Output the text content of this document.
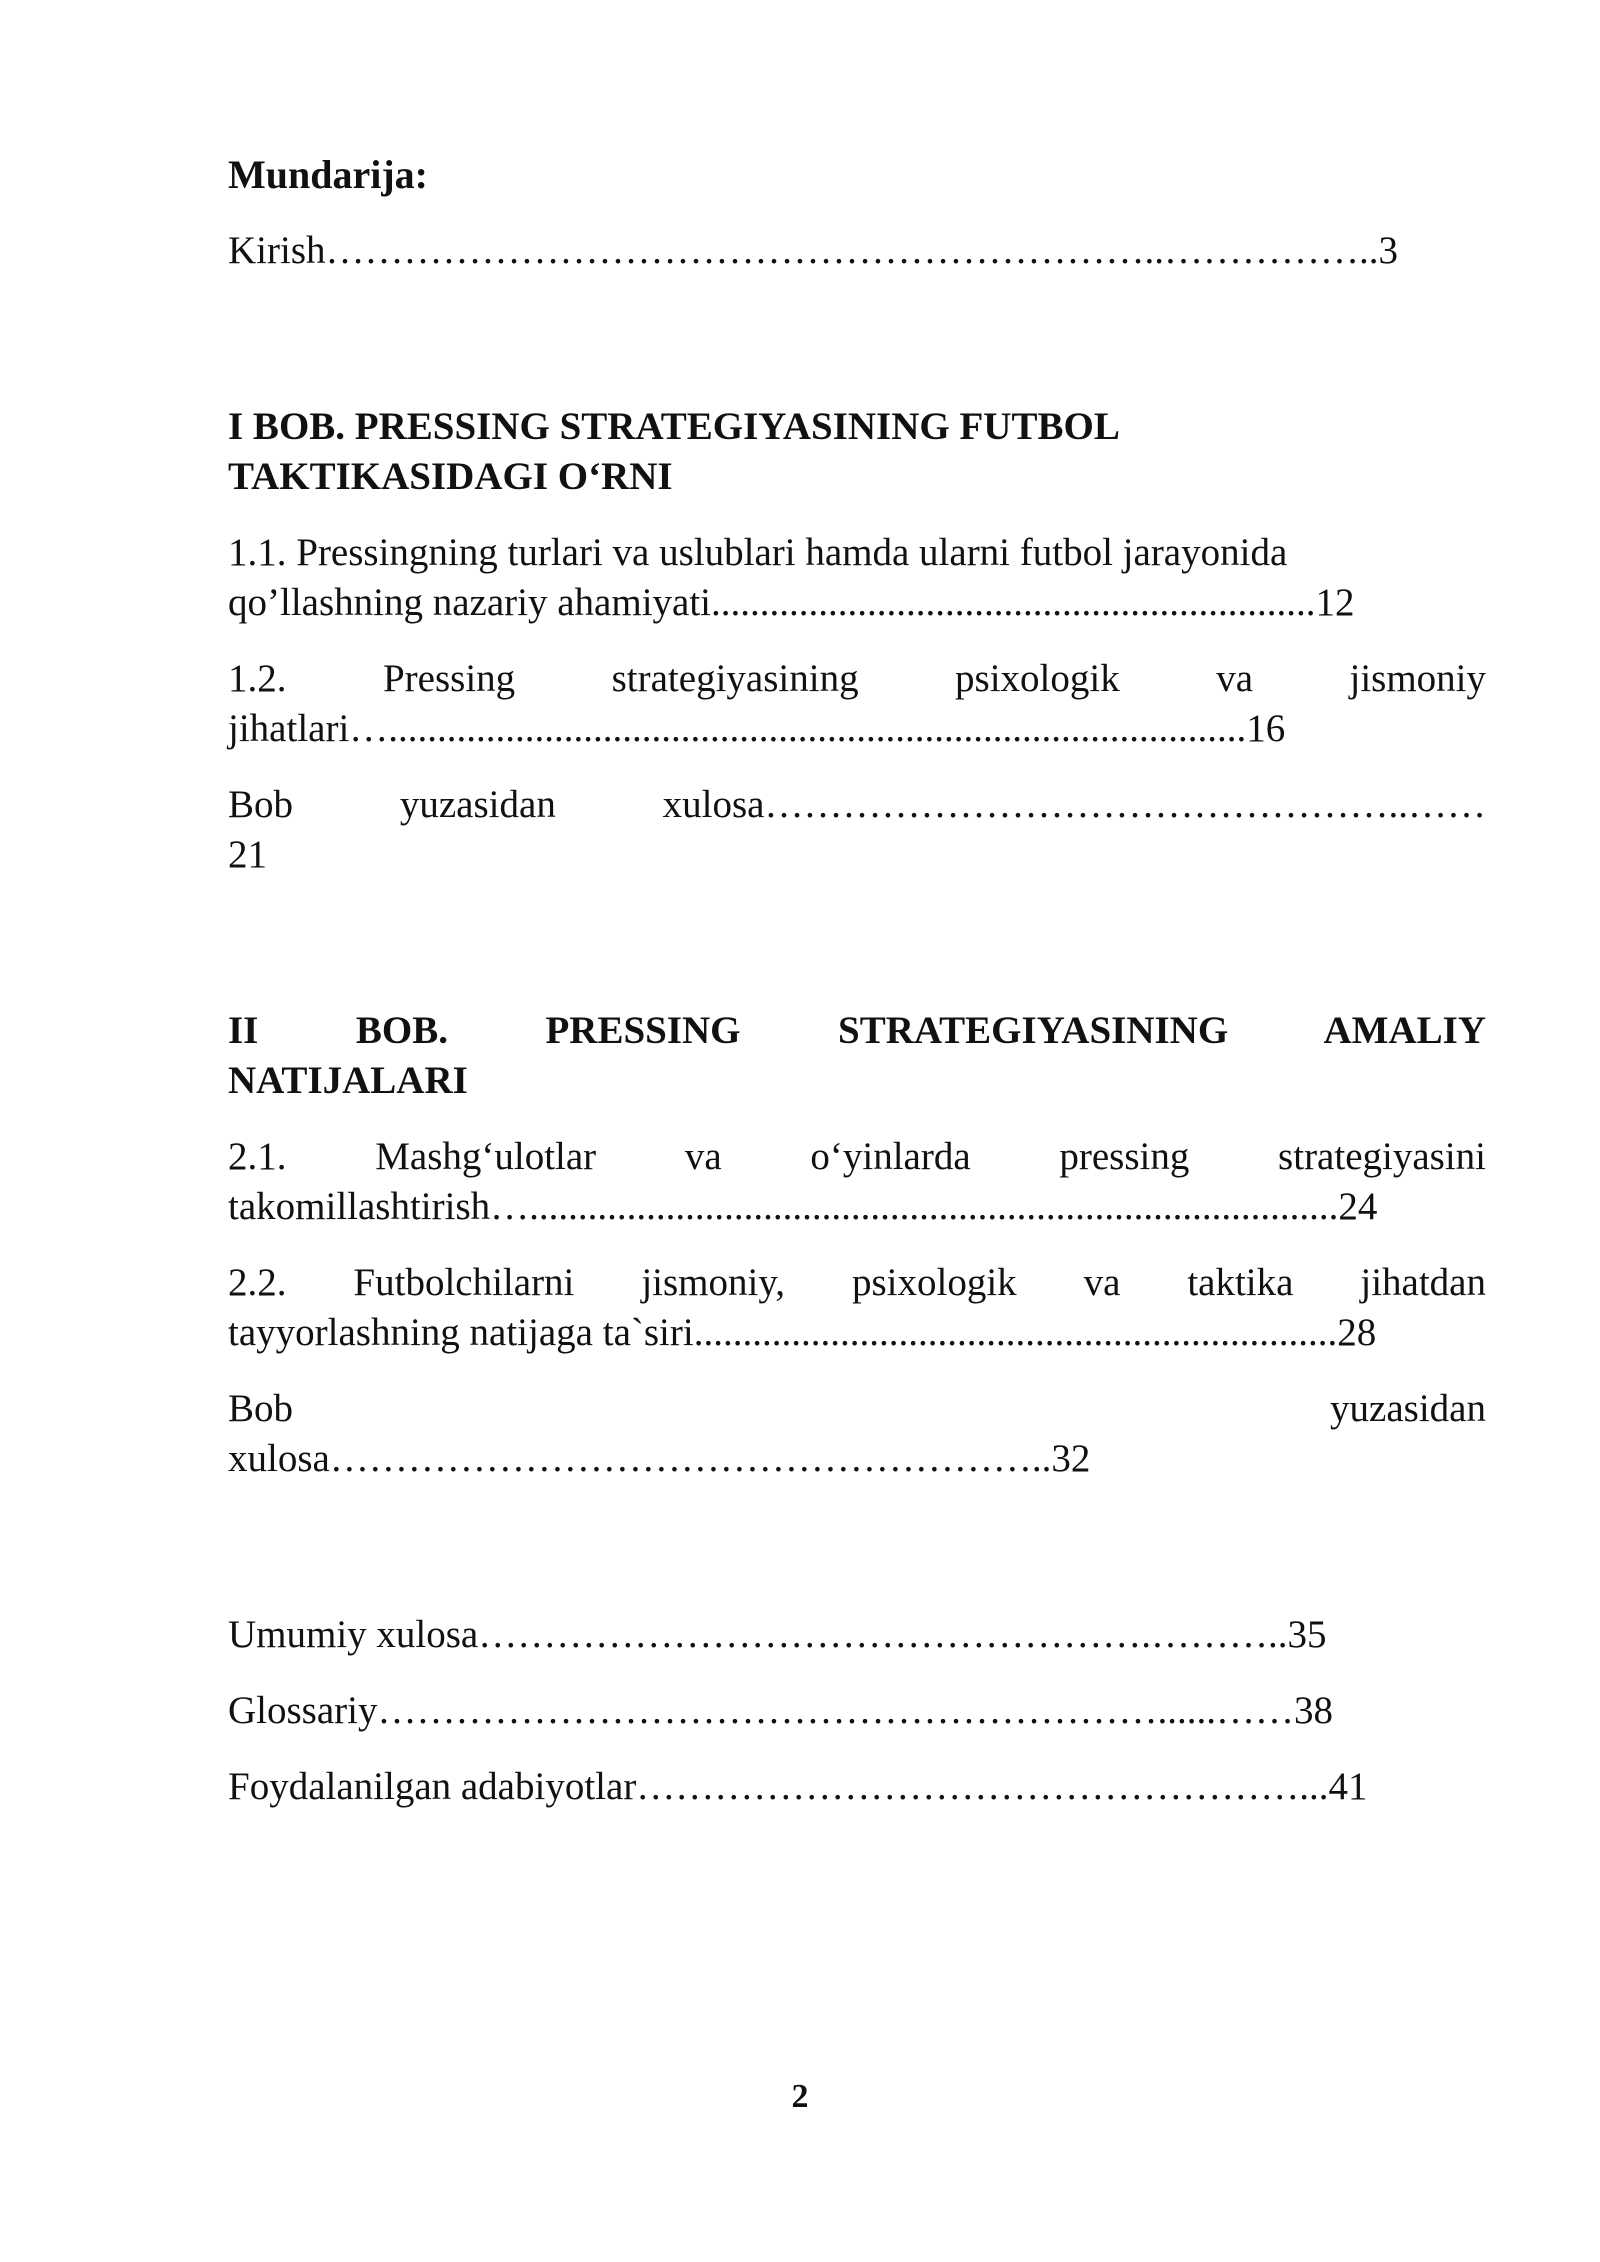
Mundarija:
Kirish………………………………………………………..……………..3
I BOB. PRESSING STRATEGIYASINING FUTBOL
TAKTIKASIDAGI O‘RNI
1.1. Pressingning turlari va uslublari hamda ularni futbol jarayonida
qo’llashning nazariy ahamiyati..............................................................12
1.2. Pressing strategiyasining psixologik va jismoniy
jihatlari…........................................................................................16
Bob yuzasidan xulosa…………………………………………..……
21
II BOB. PRESSING STRATEGIYASINING AMALIY
NATIJALARI
2.1. Mashg‘ulotlar va o‘yinlarda pressing strategiyasini
takomillashtirish…...................................................................................24
2.2. Futbolchilarni jismoniy, psixologik va taktika jihatdan
tayyorlashning natijaga ta`siri..................................................................28
Bob yuzasidan
xulosa………………………………………………..32
Umumiy xulosa…………………………………………….………..35
Glossariy……………………………………………………......……38
Foydalanilgan adabiyotlar……………………………………………...41
2
